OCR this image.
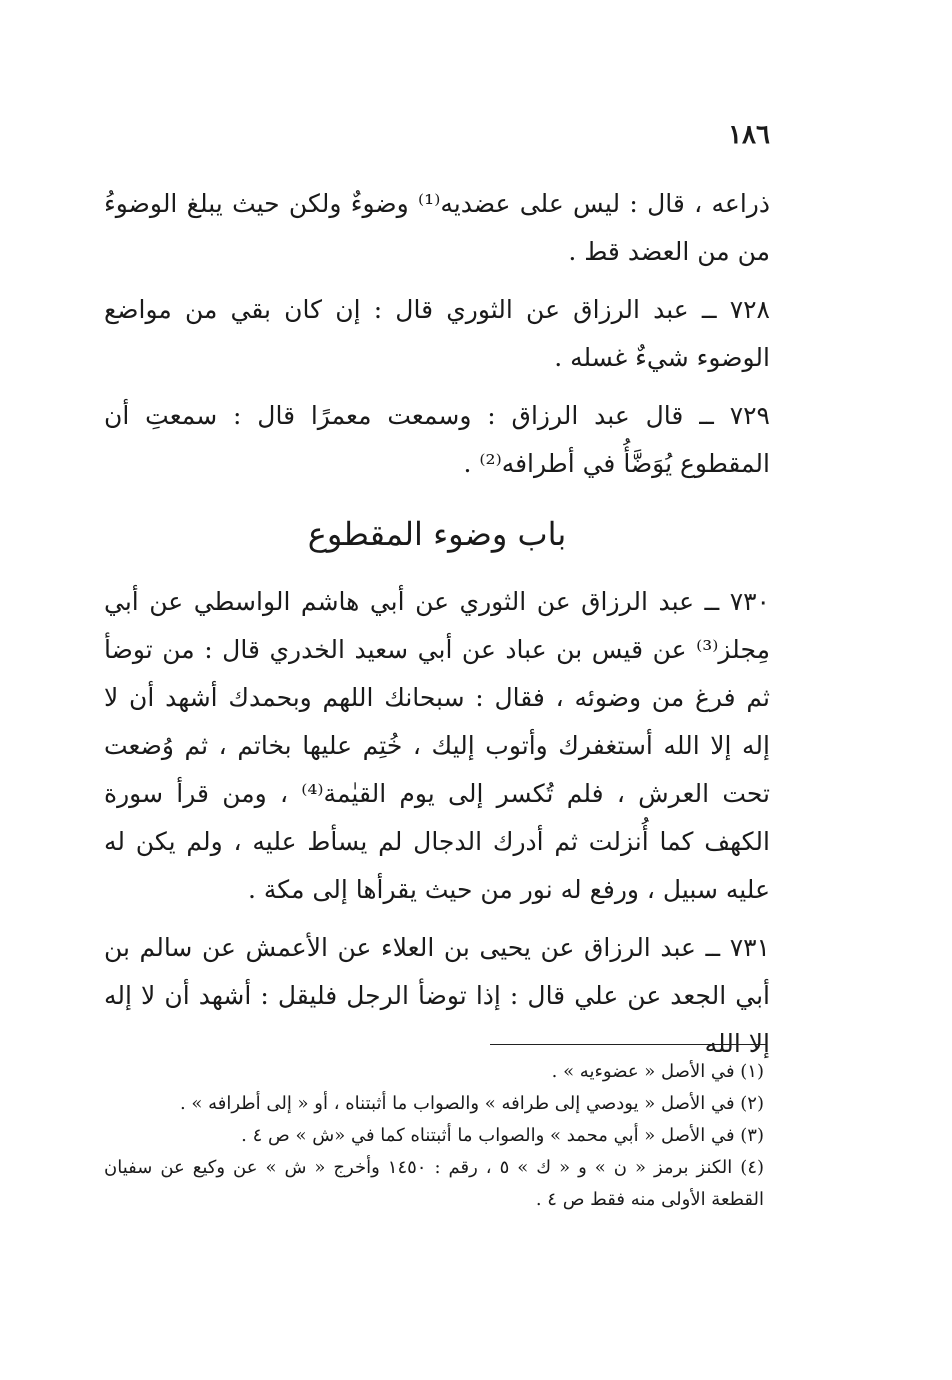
١٨٦

ذراعه ، قال : ليس على عضديه⁽¹⁾ وضوءٌ ولكن حيث يبلغ الوضوءُ من من العضد قط .

٧٢٨ ــ عبد الرزاق عن الثوري قال : إن كان بقي من مواضع الوضوء شيءٌ غسله .

٧٢٩ ــ قال عبد الرزاق : وسمعت معمرًا قال : سمعتِ أن المقطوع يُوَضَّأُ في أطرافه⁽²⁾ .

باب وضوء المقطوع

٧٣٠ ــ عبد الرزاق عن الثوري عن أبي هاشم الواسطي عن أبي مِجلز⁽³⁾ عن قيس بن عباد عن أبي سعيد الخدري قال : من توضأ ثم فرغ من وضوئه ، فقال : سبحانك اللهم وبحمدك أشهد أن لا إله إلا الله أستغفرك وأتوب إليك ، خُتِم عليها بخاتم ، ثم وُضعت تحت العرش ، فلم تُكسر إلى يوم القيٰمة⁽⁴⁾ ، ومن قرأ سورة الكهف كما أُنزلت ثم أدرك الدجال لم يسأط عليه ، ولم يكن له عليه سبيل ، ورفع له نور من حيث يقرأها إلى مكة .

٧٣١ ــ عبد الرزاق عن يحيى بن العلاء عن الأعمش عن سالم بن أبي الجعد عن علي قال : إذا توضأ الرجل فليقل : أشهد أن لا إله إلا الله

(١) في الأصل « عضوءيه » .

(٢) في الأصل « يودصي إلى طرافه » والصواب ما أثبتناه ، أو « إلى أطرافه » .

(٣) في الأصل « أبي محمد » والصواب ما أثبتناه كما في «ش » ص ٤ .

(٤) الكنز برمز « ن » و « ك » ٥ ، رقم : ١٤٥٠ وأخرج « ش » عن وكيع عن سفيان القطعة الأولى منه فقط ص ٤ .
